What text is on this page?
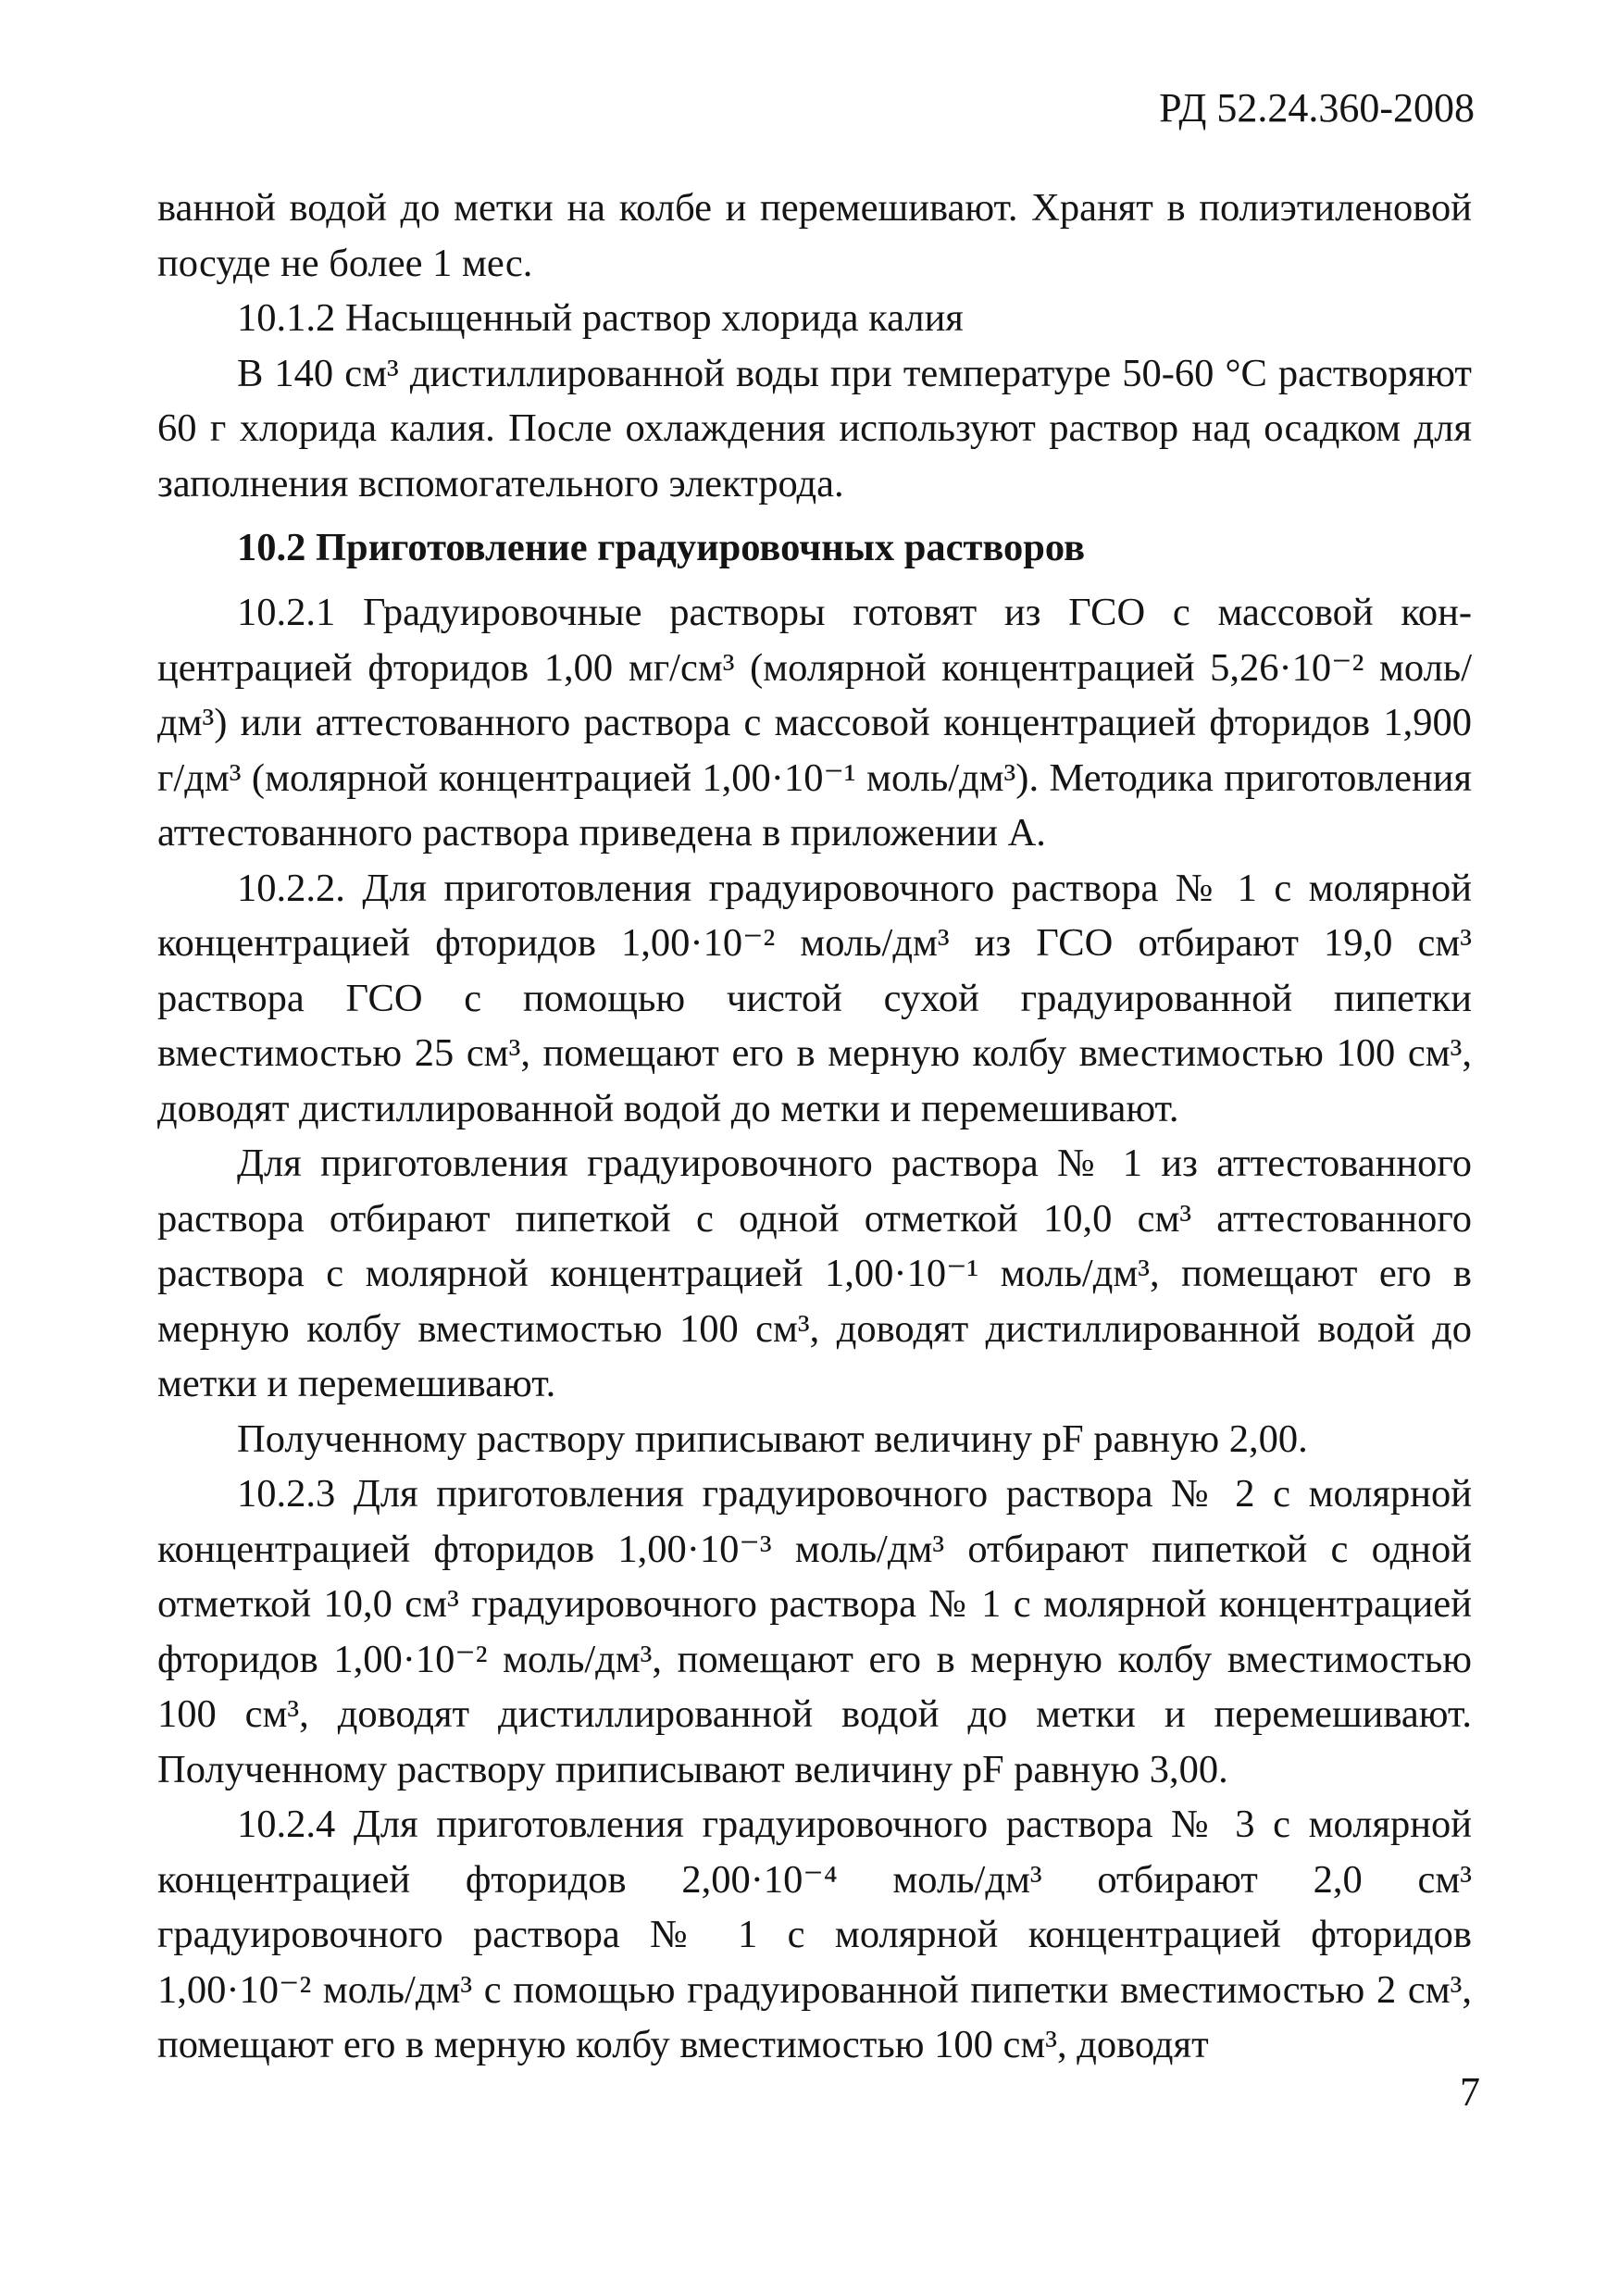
РД 52.24.360-2008

ванной водой до метки на колбе и перемешивают. Хранят в полиэтиленовой посуде не более 1 мес.

10.1.2 Насыщенный раствор хлорида калия

В 140 см³ дистиллированной воды при температуре 50-60 °С растворяют 60 г хлорида калия. После охлаждения используют раствор над осадком для заполнения вспомогательного электрода.

10.2 Приготовление градуировочных растворов

10.2.1 Градуировочные растворы готовят из ГСО с массовой концентрацией фторидов 1,00 мг/см³ (молярной концентрацией 5,26·10⁻² моль/дм³) или аттестованного раствора с массовой концентрацией фторидов 1,900 г/дм³ (молярной концентрацией 1,00·10⁻¹ моль/дм³). Методика приготовления аттестованного раствора приведена в приложении А.

10.2.2. Для приготовления градуировочного раствора № 1 с молярной концентрацией фторидов 1,00·10⁻² моль/дм³ из ГСО отбирают 19,0 см³ раствора ГСО с помощью чистой сухой градуированной пипетки вместимостью 25 см³, помещают его в мерную колбу вместимостью 100 см³, доводят дистиллированной водой до метки и перемешивают.

Для приготовления градуировочного раствора № 1 из аттестованного раствора отбирают пипеткой с одной отметкой 10,0 см³ аттестованного раствора с молярной концентрацией 1,00·10⁻¹ моль/дм³, помещают его в мерную колбу вместимостью 100 см³, доводят дистиллированной водой до метки и перемешивают.

Полученному раствору приписывают величину pF равную 2,00.

10.2.3 Для приготовления градуировочного раствора № 2 с молярной концентрацией фторидов 1,00·10⁻³ моль/дм³ отбирают пипеткой с одной отметкой 10,0 см³ градуировочного раствора № 1 с молярной концентрацией фторидов 1,00·10⁻² моль/дм³, помещают его в мерную колбу вместимостью 100 см³, доводят дистиллированной водой до метки и перемешивают. Полученному раствору приписывают величину pF равную 3,00.

10.2.4 Для приготовления градуировочного раствора № 3 с молярной концентрацией фторидов 2,00·10⁻⁴ моль/дм³ отбирают 2,0 см³ градуировочного раствора № 1 с молярной концентрацией фторидов 1,00·10⁻² моль/дм³ с помощью градуированной пипетки вместимостью 2 см³, помещают его в мерную колбу вместимостью 100 см³, доводят

7
